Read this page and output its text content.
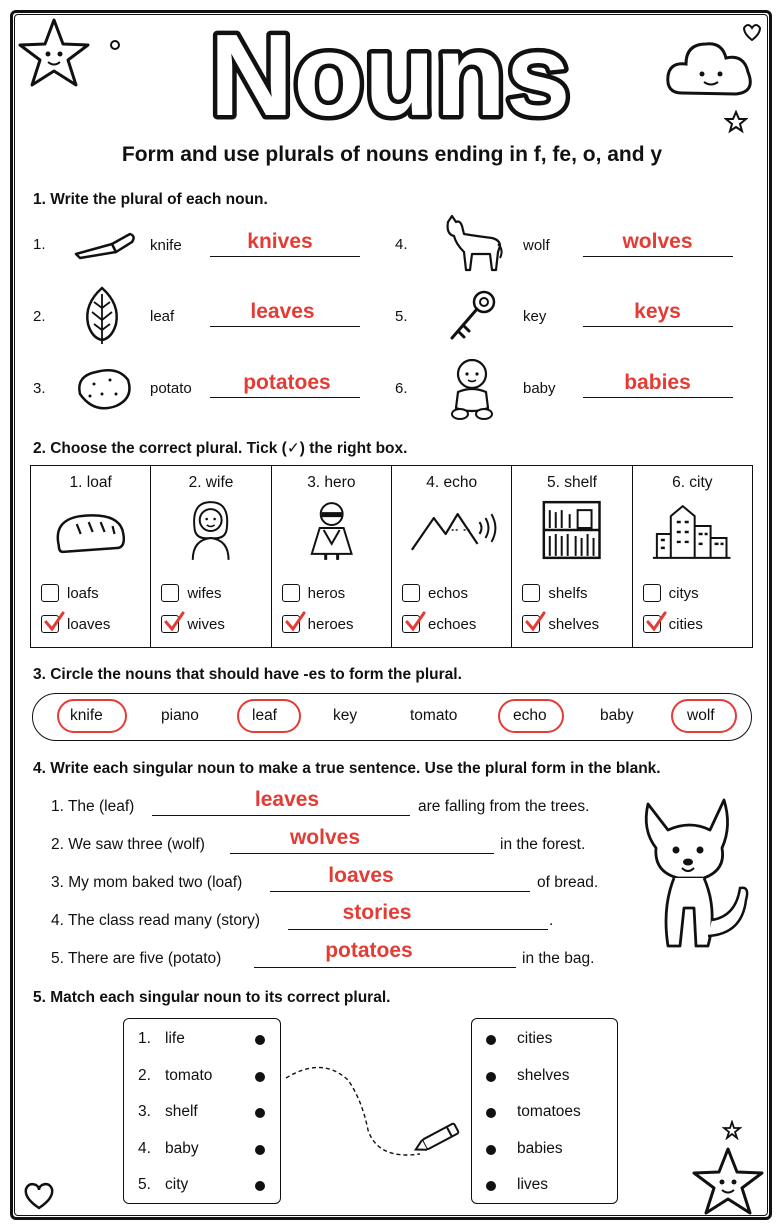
Nouns
Form and use plurals of nouns ending in f, fe, o, and y
1. Write the plural of each noun.
1.	knife	knives
2.	leaf	leaves
3.	potato	potatoes
4.	wolf	wolves
5.	key	keys
6.	baby	babies
2. Choose the correct plural. Tick (✓) the right box.
1. loaf
loafs
loaves

2. wife
wifes
wives

3. hero
heros
heroes

4. echo
echos
echoes

5. shelf
shelfs
shelves

6. city
citys
cities
3. Circle the nouns that should have -es to form the plural.
knife	piano	leaf	key	tomato	echo	baby	wolf
4. Write each singular noun to make a true sentence. Use the plural form in the blank.
1. The (leaf)	leaves	are falling from the trees.
2. We saw three (wolf)	wolves	in the forest.
3. My mom baked two (loaf)	loaves	of bread.
4. The class read many (story)	stories	.
5. There are five (potato)	potatoes	in the bag.
5. Match each singular noun to its correct plural.
1. life
2. tomato
3. shelf
4. baby
5. city
cities
shelves
tomatoes
babies
lives
